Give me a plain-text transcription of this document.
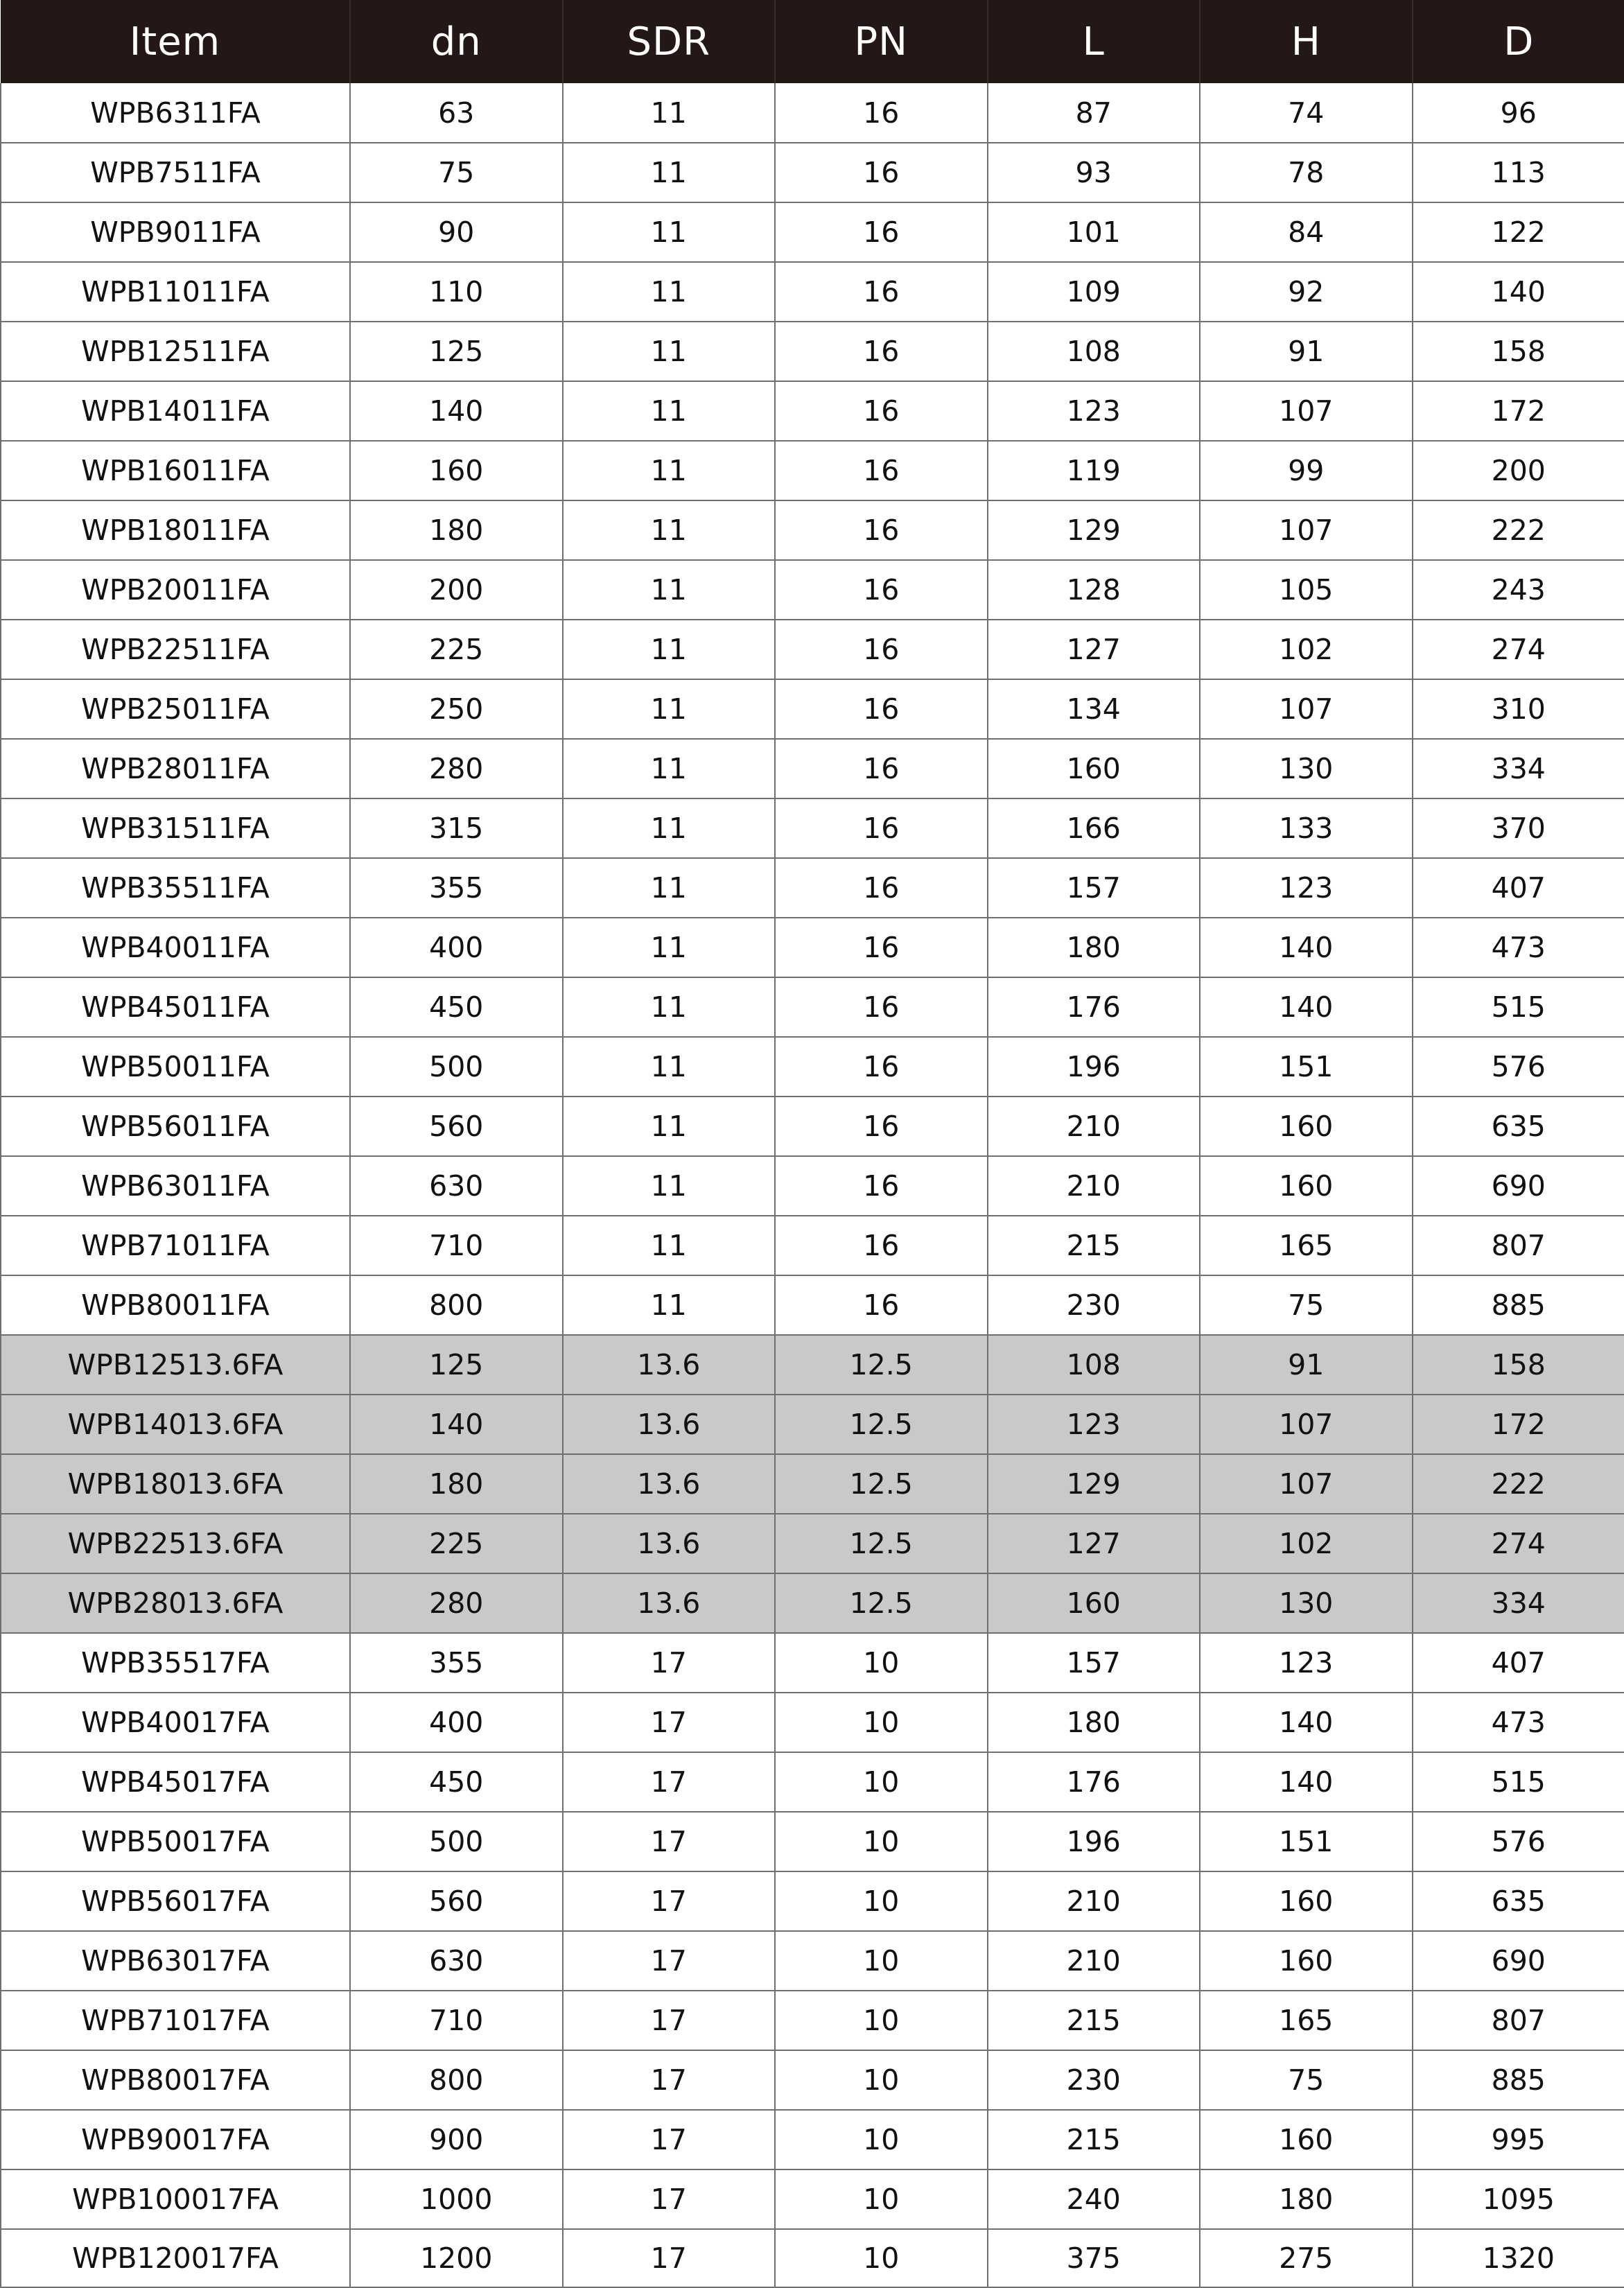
Item	dn	SDR	PN	L	H	D
WPB6311FA	63	11	16	87	74	96
WPB7511FA	75	11	16	93	78	113
WPB9011FA	90	11	16	101	84	122
WPB11011FA	110	11	16	109	92	140
WPB12511FA	125	11	16	108	91	158
WPB14011FA	140	11	16	123	107	172
WPB16011FA	160	11	16	119	99	200
WPB18011FA	180	11	16	129	107	222
WPB20011FA	200	11	16	128	105	243
WPB22511FA	225	11	16	127	102	274
WPB25011FA	250	11	16	134	107	310
WPB28011FA	280	11	16	160	130	334
WPB31511FA	315	11	16	166	133	370
WPB35511FA	355	11	16	157	123	407
WPB40011FA	400	11	16	180	140	473
WPB45011FA	450	11	16	176	140	515
WPB50011FA	500	11	16	196	151	576
WPB56011FA	560	11	16	210	160	635
WPB63011FA	630	11	16	210	160	690
WPB71011FA	710	11	16	215	165	807
WPB80011FA	800	11	16	230	75	885
WPB12513.6FA	125	13.6	12.5	108	91	158
WPB14013.6FA	140	13.6	12.5	123	107	172
WPB18013.6FA	180	13.6	12.5	129	107	222
WPB22513.6FA	225	13.6	12.5	127	102	274
WPB28013.6FA	280	13.6	12.5	160	130	334
WPB35517FA	355	17	10	157	123	407
WPB40017FA	400	17	10	180	140	473
WPB45017FA	450	17	10	176	140	515
WPB50017FA	500	17	10	196	151	576
WPB56017FA	560	17	10	210	160	635
WPB63017FA	630	17	10	210	160	690
WPB71017FA	710	17	10	215	165	807
WPB80017FA	800	17	10	230	75	885
WPB90017FA	900	17	10	215	160	995
WPB100017FA	1000	17	10	240	180	1095
WPB120017FA	1200	17	10	375	275	1320
